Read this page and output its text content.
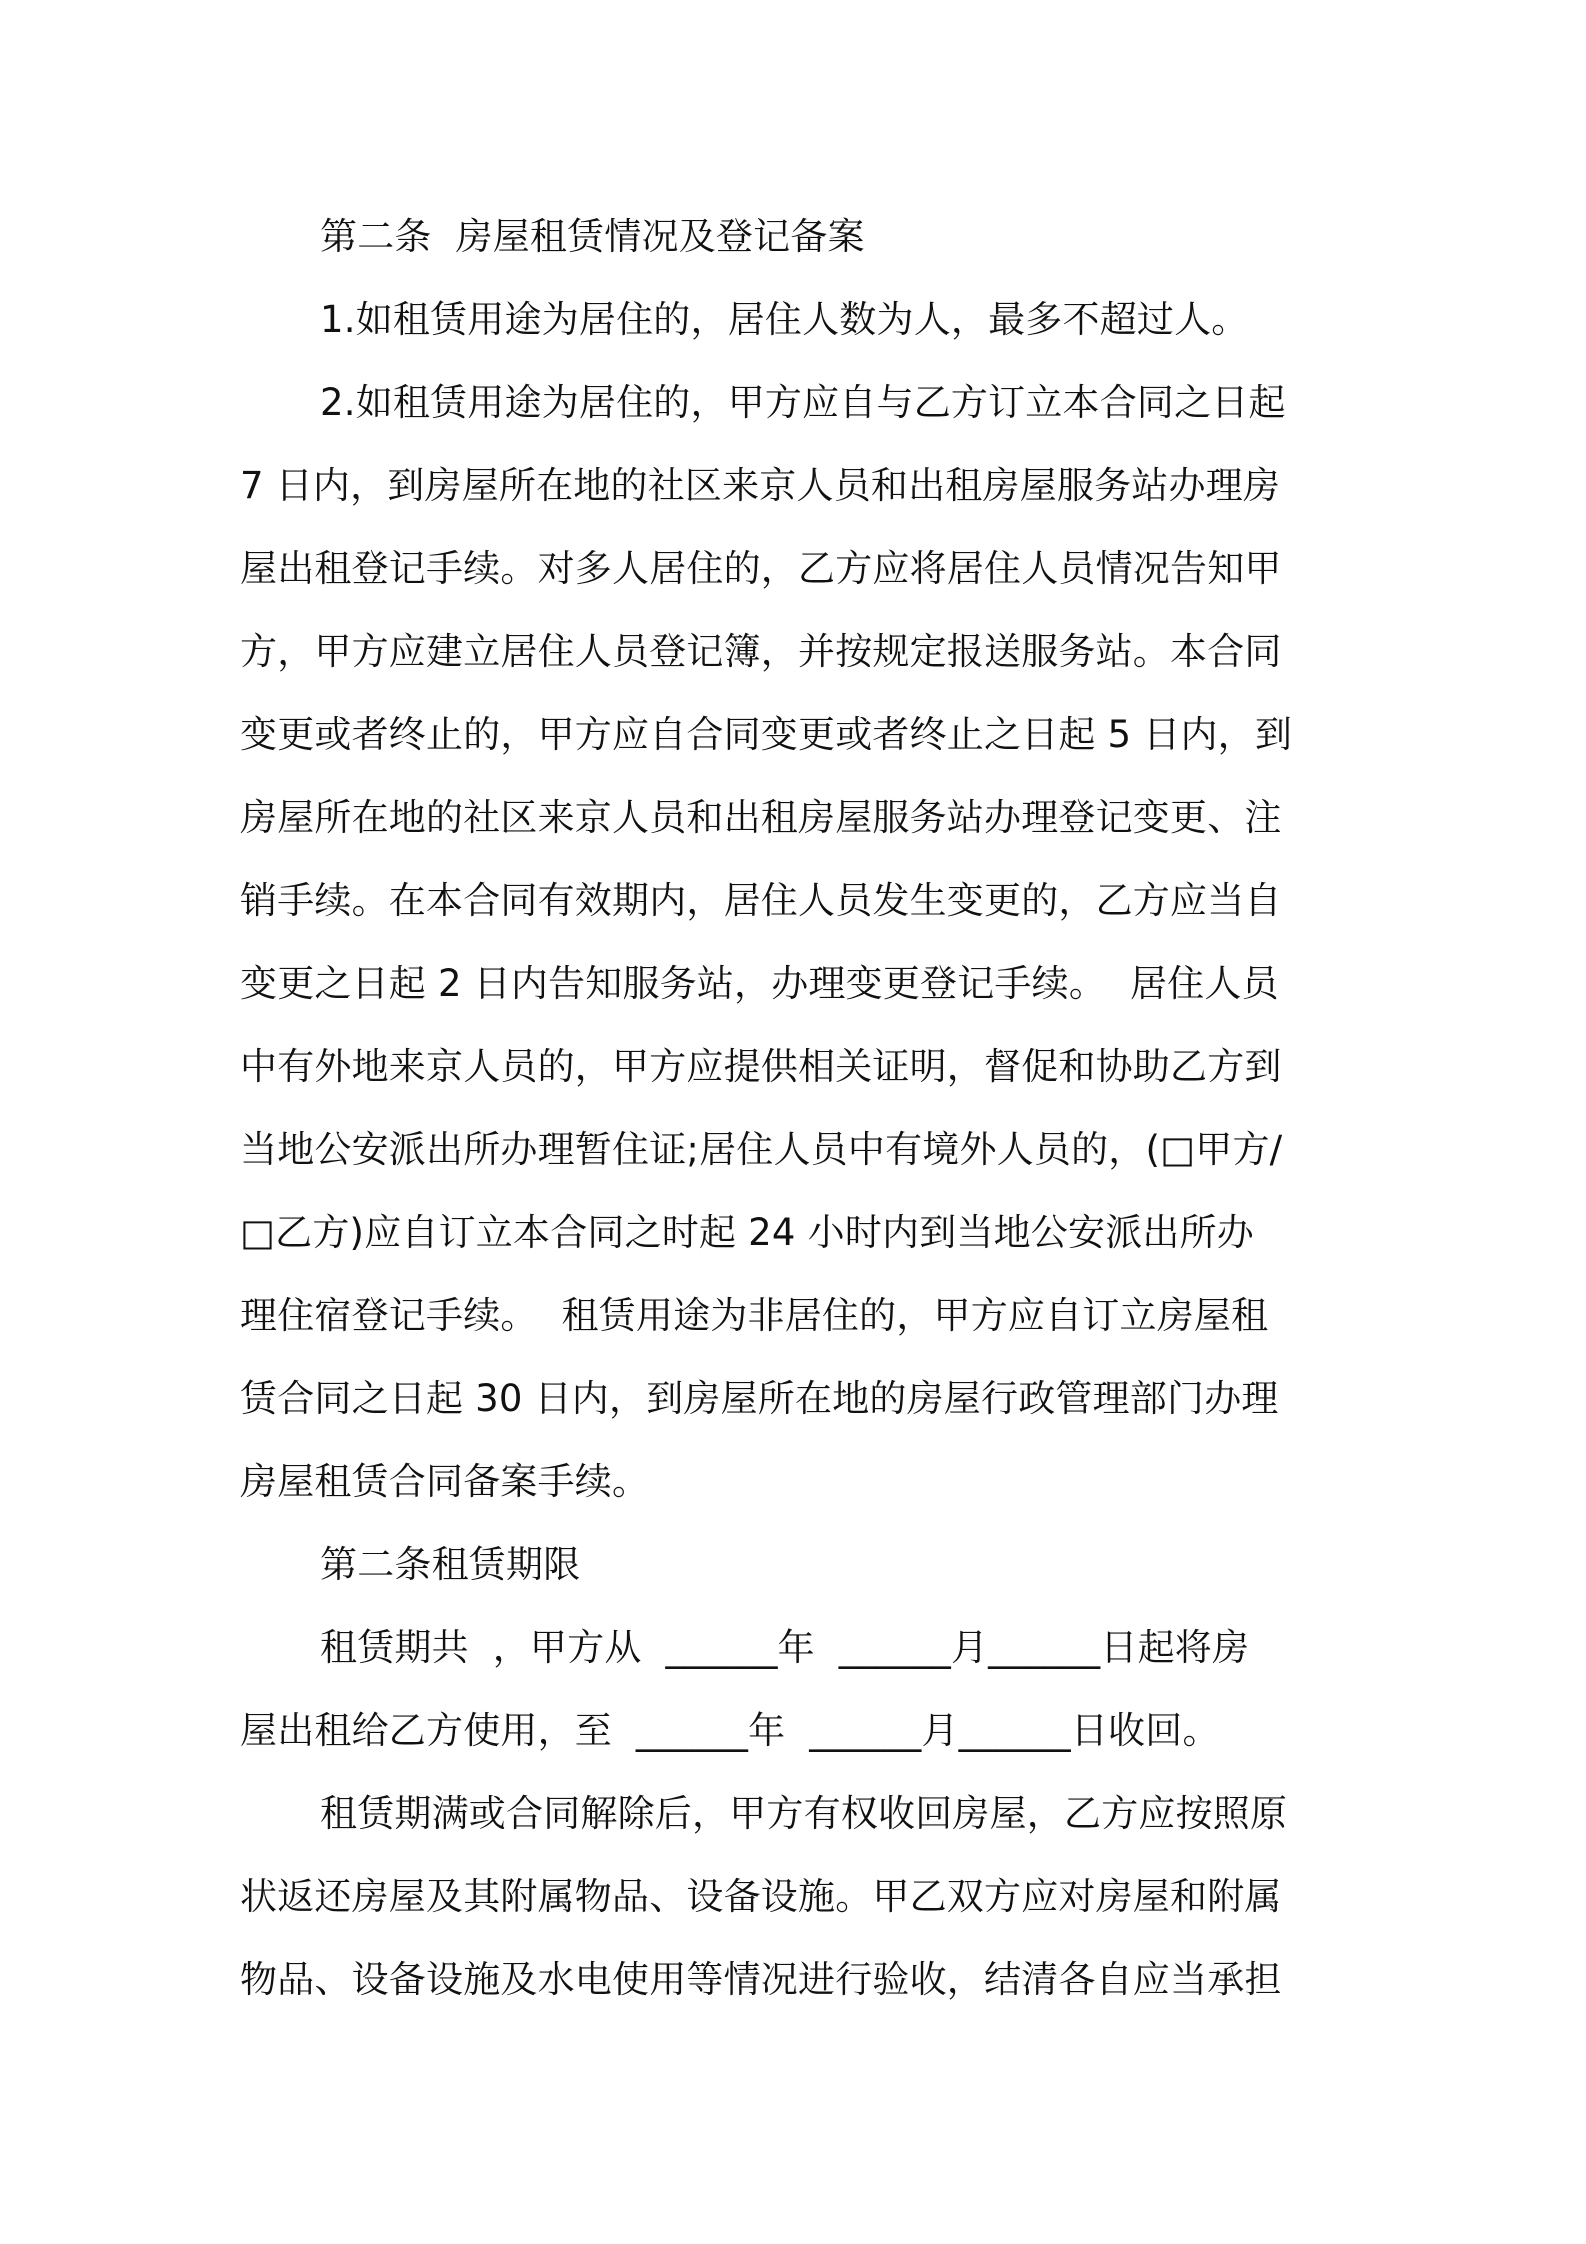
第二条  房屋租赁情况及登记备案
1.如租赁用途为居住的，居住人数为人，最多不超过人。
2.如租赁用途为居住的，甲方应自与乙方订立本合同之日起
7 日内，到房屋所在地的社区来京人员和出租房屋服务站办理房
屋出租登记手续。对多人居住的，乙方应将居住人员情况告知甲
方，甲方应建立居住人员登记簿，并按规定报送服务站。本合同
变更或者终止的，甲方应自合同变更或者终止之日起 5 日内，到
房屋所在地的社区来京人员和出租房屋服务站办理登记变更、注
销手续。在本合同有效期内，居住人员发生变更的，乙方应当自
变更之日起 2 日内告知服务站，办理变更登记手续。  居住人员
中有外地来京人员的，甲方应提供相关证明，督促和协助乙方到
当地公安派出所办理暂住证;居住人员中有境外人员的，(□甲方/
□乙方)应自订立本合同之时起 24 小时内到当地公安派出所办
理住宿登记手续。  租赁用途为非居住的，甲方应自订立房屋租
赁合同之日起 30 日内，到房屋所在地的房屋行政管理部门办理
房屋租赁合同备案手续。
第二条租赁期限
租赁期共  ，甲方从  ______年  ______月______日起将房
屋出租给乙方使用，至  ______年  ______月______日收回。
租赁期满或合同解除后，甲方有权收回房屋，乙方应按照原
状返还房屋及其附属物品、设备设施。甲乙双方应对房屋和附属
物品、设备设施及水电使用等情况进行验收，结清各自应当承担
